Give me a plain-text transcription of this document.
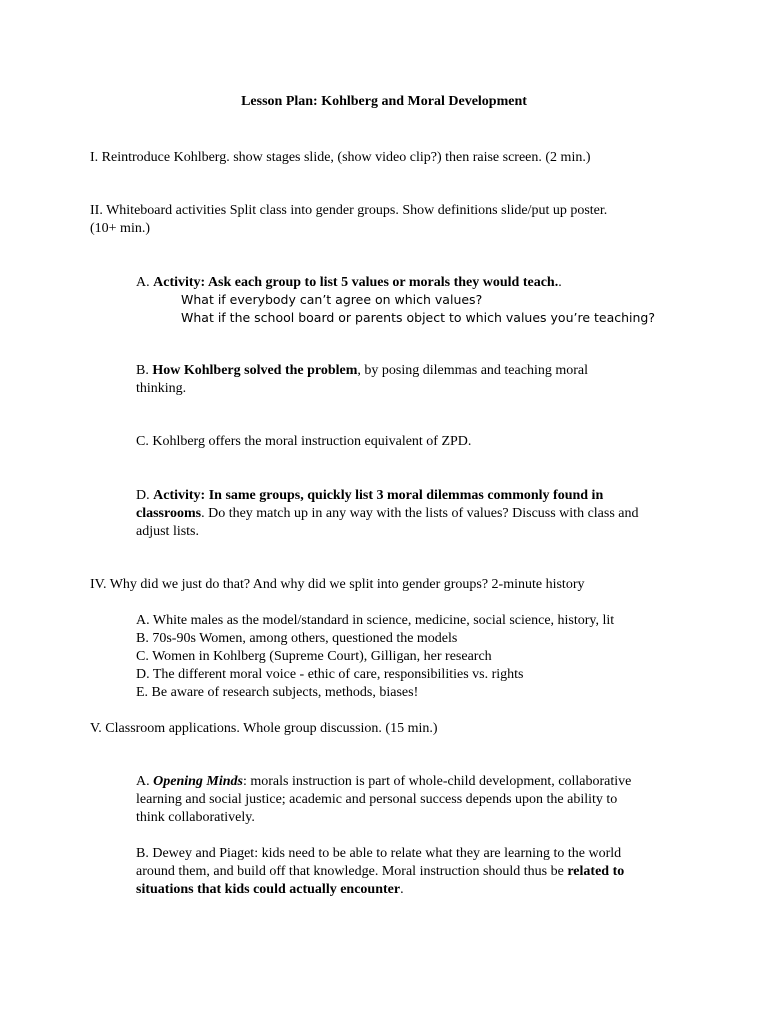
Lesson Plan: Kohlberg and Moral Development
I. Reintroduce Kohlberg. show stages slide, (show video clip?) then raise screen. (2 min.)
II. Whiteboard activities Split class into gender groups. Show definitions slide/put up poster.
(10+ min.)
A. Activity: Ask each group to list 5 values or morals they would teach..
What if everybody can’t agree on which values?
What if the school board or parents object to which values you’re teaching?
B. How Kohlberg solved the problem, by posing dilemmas and teaching moral
thinking.
C. Kohlberg offers the moral instruction equivalent of ZPD.
D. Activity: In same groups, quickly list 3 moral dilemmas commonly found in
classrooms. Do they match up in any way with the lists of values? Discuss with class and
adjust lists.
IV. Why did we just do that? And why did we split into gender groups? 2-minute history
A. White males as the model/standard in science, medicine, social science, history, lit
B. 70s-90s Women, among others, questioned the models
C. Women in Kohlberg (Supreme Court), Gilligan, her research
D. The different moral voice - ethic of care, responsibilities vs. rights
E. Be aware of research subjects, methods, biases!
V. Classroom applications. Whole group discussion. (15 min.)
A. Opening Minds: morals instruction is part of whole-child development, collaborative
learning and social justice; academic and personal success depends upon the ability to
think collaboratively.
B. Dewey and Piaget: kids need to be able to relate what they are learning to the world
around them, and build off that knowledge. Moral instruction should thus be related to
situations that kids could actually encounter.
